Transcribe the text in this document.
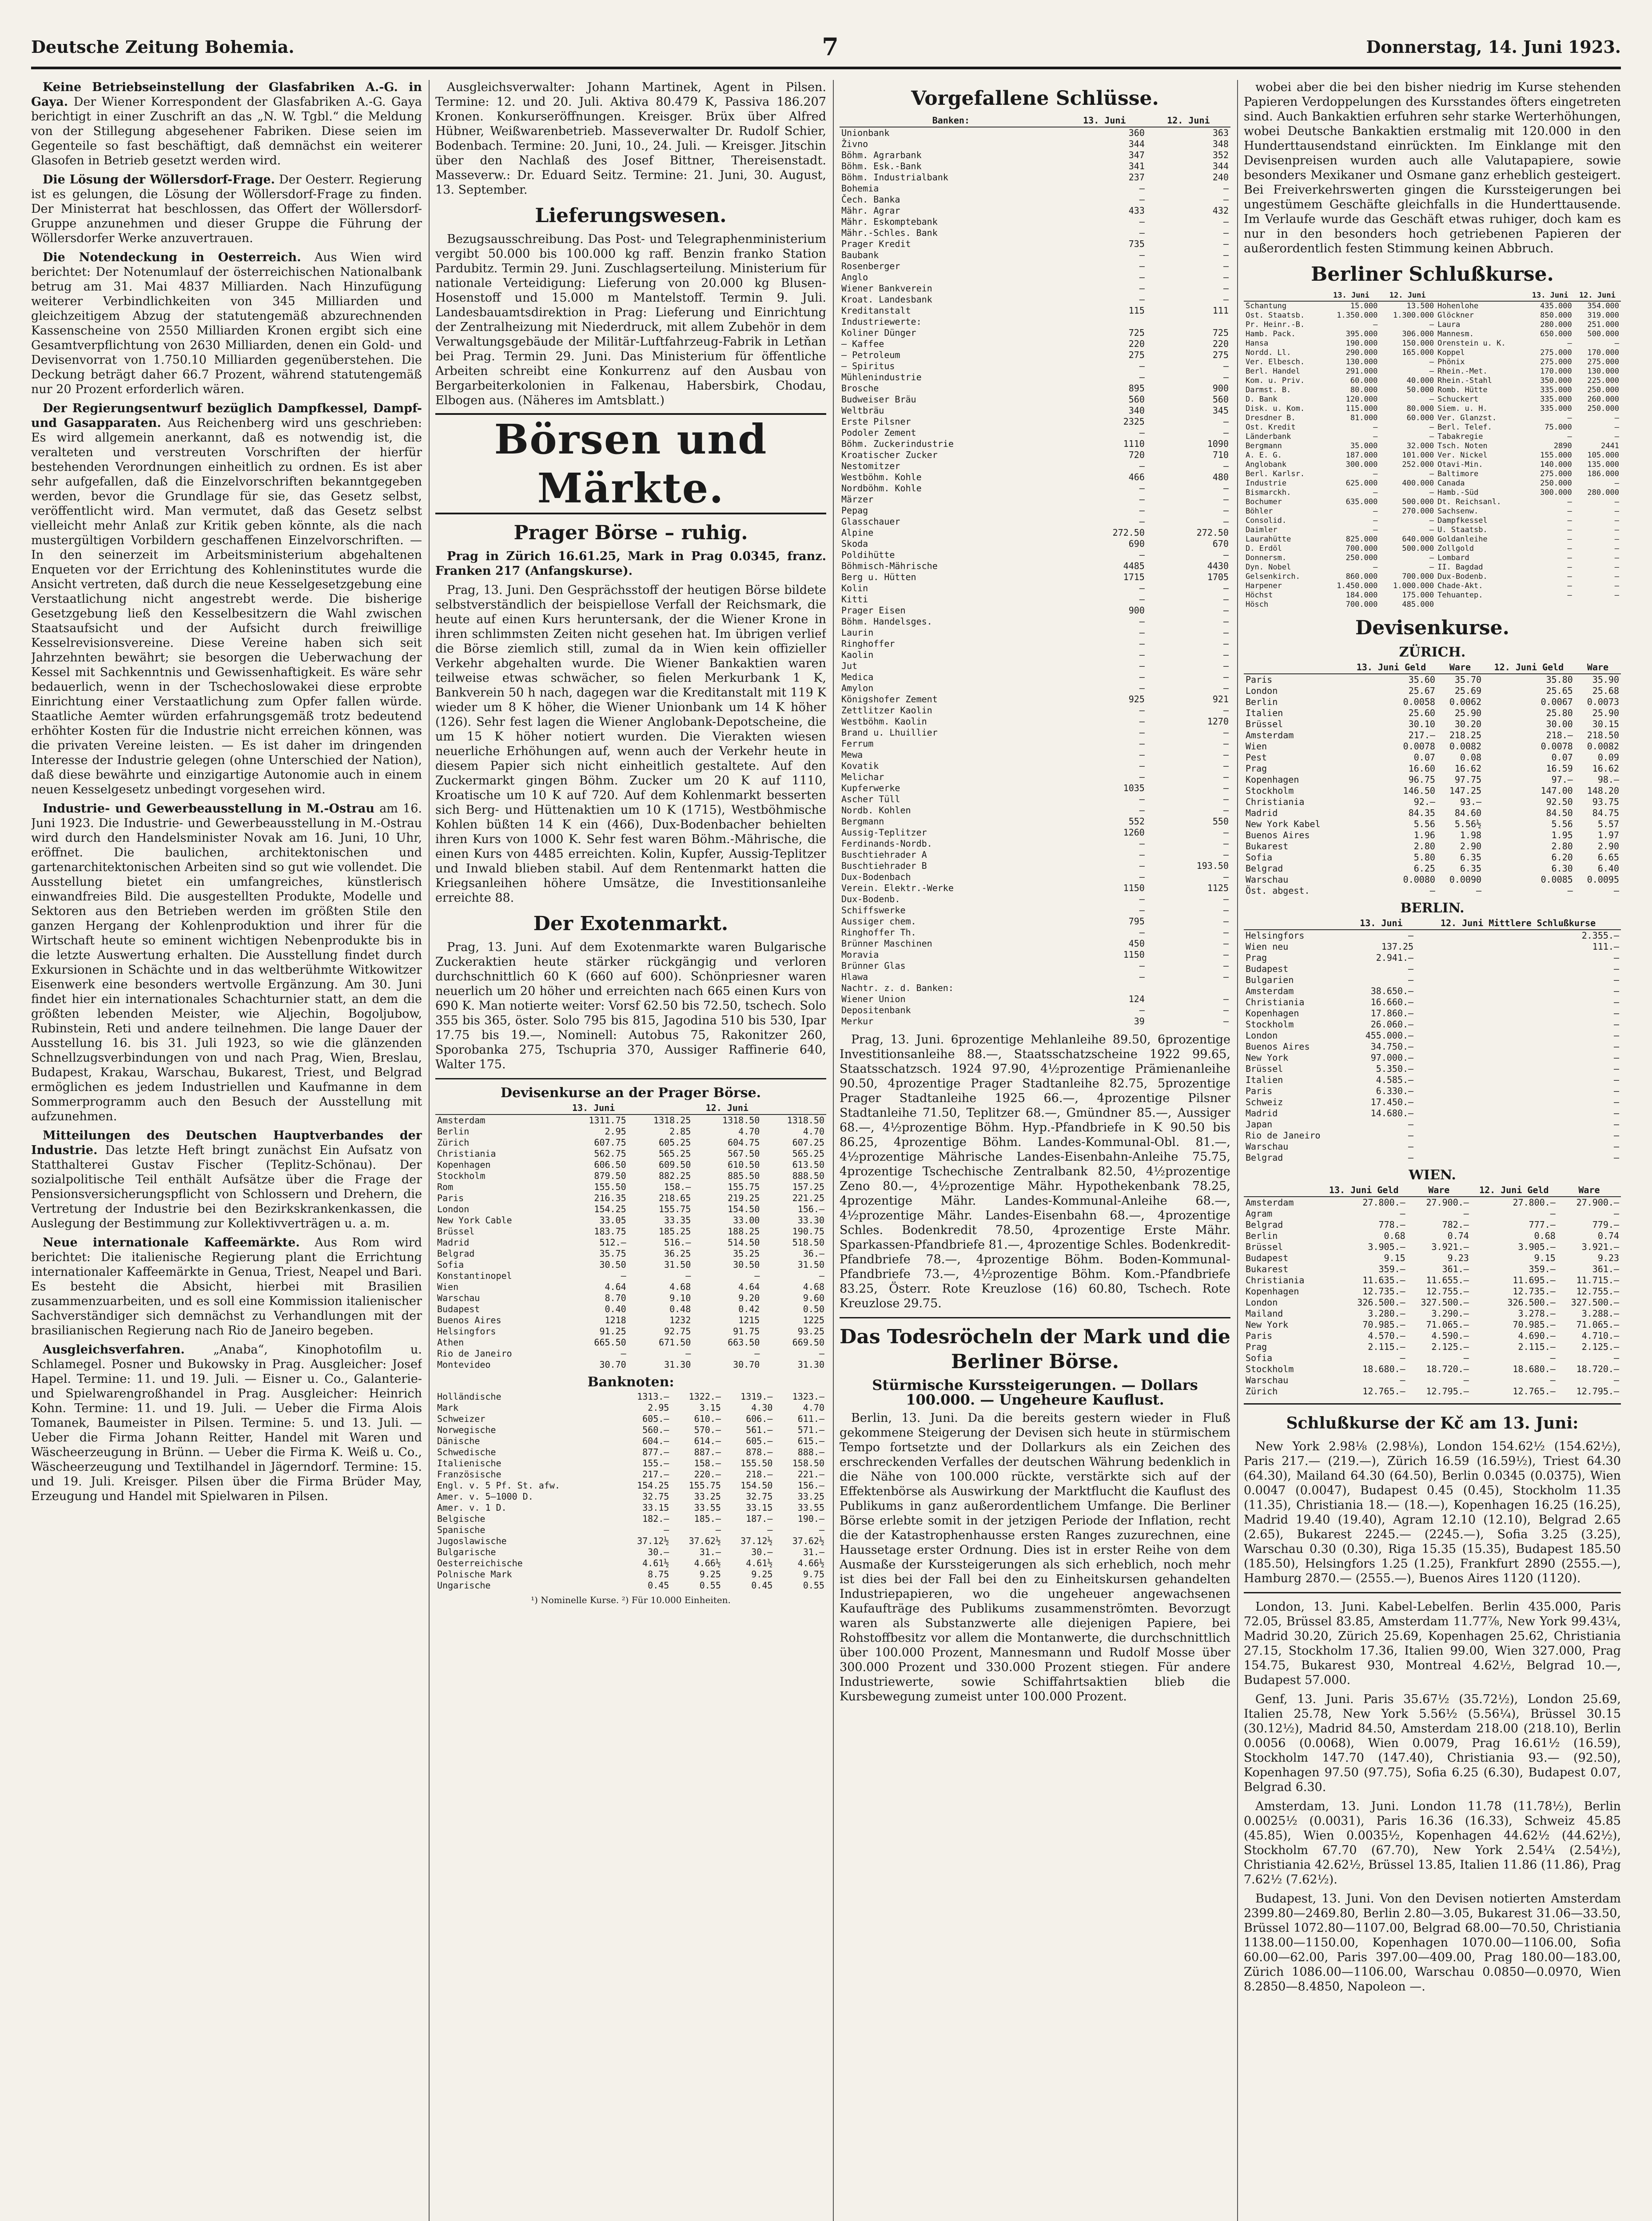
Deutsche Zeitung Bohemia.	7	Donnerstag, 14. Juni 1923.

Keine Betriebseinstellung der Glasfabriken A.-G. in Gaya. Der Wiener Korrespondent der Glasfabriken A.-G. Gaya berichtigt in einer Zuschrift an das „N. W. Tgbl.“ die Meldung von der Stillegung abgesehener Fabriken. Diese seien im Gegenteile so fast beschäftigt, daß demnächst ein weiterer Glasofen in Betrieb gesetzt werden wird.

Die Lösung der Wöllersdorf-Frage. Der Oesterr. Regierung ist es gelungen, die Lösung der Wöllersdorf-Frage zu finden. Der Ministerrat hat beschlossen, das Offert der Wöllersdorf-Gruppe anzunehmen und dieser Gruppe die Führung der Wöllersdorfer Werke anzuvertrauen.

Die Notendeckung in Oesterreich. Aus Wien wird berichtet: Der Notenumlauf der österreichischen Nationalbank betrug am 31. Mai 4837 Milliarden. Nach Hinzufügung weiterer Verbindlichkeiten von 345 Milliarden und gleichzeitigem Abzug der statutengemäß abzurechnenden Kassenscheine von 2550 Milliarden Kronen ergibt sich eine Gesamtverpflichtung von 2630 Milliarden, denen ein Gold- und Devisenvorrat von 1.750.10 Milliarden gegenüberstehen. Die Deckung beträgt daher 66.7 Prozent, während statutengemäß nur 20 Prozent erforderlich wären.

Der Regierungsentwurf bezüglich Dampfkessel, Dampf- und Gasapparaten. Aus Reichenberg wird uns geschrieben: Es wird allgemein anerkannt, daß es notwendig ist, die veralteten und verstreuten Vorschriften der hierfür bestehenden Verordnungen einheitlich zu ordnen. Es ist aber sehr aufgefallen, daß die Einzelvorschriften bekanntgegeben werden, bevor die Grundlage für sie, das Gesetz selbst, veröffentlicht wird. Man vermutet, daß das Gesetz selbst vielleicht mehr Anlaß zur Kritik geben könnte, als die nach mustergültigen Vorbildern geschaffenen Einzelvorschriften. — In den seinerzeit im Arbeitsministerium abgehaltenen Enqueten vor der Errichtung des Kohleninstitutes wurde die Ansicht vertreten, daß durch die neue Kesselgesetzgebung eine Verstaatlichung nicht angestrebt werde. Die bisherige Gesetzgebung ließ den Kesselbesitzern die Wahl zwischen Staatsaufsicht und der Aufsicht durch freiwillige Kesselrevisionsvereine. Diese Vereine haben sich seit Jahrzehnten bewährt; sie besorgen die Ueberwachung der Kessel mit Sachkenntnis und Gewissenhaftigkeit. Es wäre sehr bedauerlich, wenn in der Tschechoslowakei diese erprobte Einrichtung einer Verstaatlichung zum Opfer fallen würde. Staatliche Aemter würden erfahrungsgemäß trotz bedeutend erhöhter Kosten für die Industrie nicht erreichen können, was die privaten Vereine leisten. — Es ist daher im dringenden Interesse der Industrie gelegen (ohne Unterschied der Nation), daß diese bewährte und einzigartige Autonomie auch in einem neuen Kesselgesetz unbedingt vorgesehen wird.

Industrie- und Gewerbeausstellung in M.-Ostrau am 16. Juni 1923. Die Industrie- und Gewerbeausstellung in M.-Ostrau wird durch den Handelsminister Novak am 16. Juni, 10 Uhr, eröffnet. Die baulichen, architektonischen und gartenarchitektonischen Arbeiten sind so gut wie vollendet. Die Ausstellung bietet ein umfangreiches, künstlerisch einwandfreies Bild. Die ausgestellten Produkte, Modelle und Sektoren aus den Betrieben werden im größten Stile den ganzen Hergang der Kohlenproduktion und ihrer für die Wirtschaft heute so eminent wichtigen Nebenprodukte bis in die letzte Auswertung erhalten. Die Ausstellung findet durch Exkursionen in Schächte und in das weltberühmte Witkowitzer Eisenwerk eine besonders wertvolle Ergänzung. Am 30. Juni findet hier ein internationales Schachturnier statt, an dem die größten lebenden Meister, wie Aljechin, Bogoljubow, Rubinstein, Reti und andere teilnehmen. Die lange Dauer der Ausstellung 16. bis 31. Juli 1923, so wie die glänzenden Schnellzugsverbindungen von und nach Prag, Wien, Breslau, Budapest, Krakau, Warschau, Bukarest, Triest, und Belgrad ermöglichen es jedem Industriellen und Kaufmanne in dem Sommerprogramm auch den Besuch der Ausstellung mit aufzunehmen.

Mitteilungen des Deutschen Hauptverbandes der Industrie. Das letzte Heft bringt zunächst Ein Aufsatz von Statthalterei Gustav Fischer (Teplitz-Schönau). Der sozialpolitische Teil enthält Aufsätze über die Frage der Pensionsversicherungspflicht von Schlossern und Drehern, die Vertretung der Industrie bei den Bezirkskrankenkassen, die Auslegung der Bestimmung zur Kollektivverträgen u. a. m.

Neue internationale Kaffeemärkte. Aus Rom wird berichtet: Die italienische Regierung plant die Errichtung internationaler Kaffeemärkte in Genua, Triest, Neapel und Bari. Es besteht die Absicht, hierbei mit Brasilien zusammenzuarbeiten, und es soll eine Kommission italienischer Sachverständiger sich demnächst zu Verhandlungen mit der brasilianischen Regierung nach Rio de Janeiro begeben.

Ausgleichsverfahren. „Anaba“, Kinophotofilm u. Schlamegel. Posner und Bukowsky in Prag. Ausgleicher: Josef Hapel. Termine: 11. und 19. Juli. — Eisner u. Co., Galanterie- und Spielwarengroßhandel in Prag. Ausgleicher: Heinrich Kohn. Termine: 11. und 19. Juli. — Ueber die Firma Alois Tomanek, Baumeister in Pilsen. Termine: 5. und 13. Juli. — Ueber die Firma Johann Reitter, Handel mit Waren und Wäscheerzeugung in Brünn. — Ueber die Firma K. Weiß u. Co., Wäscheerzeugung und Textilhandel in Jägerndorf. Termine: 15. und 19. Juli. Kreisger. Pilsen über die Firma Brüder May, Erzeugung und Handel mit Spielwaren in Pilsen.

Ausgleichsverwalter: Johann Martinek, Agent in Pilsen. Termine: 12. und 20. Juli. Aktiva 80.479 K, Passiva 186.207 Kronen. Konkurseröffnungen. Kreisger. Brüx über Alfred Hübner, Weißwarenbetrieb. Masseverwalter Dr. Rudolf Schier, Bodenbach. Termine: 20. Juni, 10., 24. Juli. — Kreisger. Jitschin über den Nachlaß des Josef Bittner, Thereisenstadt. Masseverw.: Dr. Eduard Seitz. Termine: 21. Juni, 30. August, 13. September.

Lieferungswesen.

Bezugsausschreibung. Das Post- und Telegraphenministerium vergibt 50.000 bis 100.000 kg raff. Benzin franko Station Pardubitz. Termin 29. Juni. Zuschlagserteilung. Ministerium für nationale Verteidigung: Lieferung von 20.000 kg Blusen-Hosenstoff und 15.000 m Mantelstoff. Termin 9. Juli. Landesbauamtsdirektion in Prag: Lieferung und Einrichtung der Zentralheizung mit Niederdruck, mit allem Zubehör in dem Verwaltungsgebäude der Militär-Luftfahrzeug-Fabrik in Letňan bei Prag. Termin 29. Juni. Das Ministerium für öffentliche Arbeiten schreibt eine Konkurrenz auf den Ausbau von Bergarbeiterkolonien in Falkenau, Habersbirk, Chodau, Elbogen aus. (Näheres im Amtsblatt.)

Börsen und Märkte.
Prager Börse – ruhig.

Prag in Zürich 16.61.25, Mark in Prag 0.0345, franz. Franken 217 (Anfangskurse).

Prag, 13. Juni. Den Gesprächsstoff der heutigen Börse bildete selbstverständlich der beispiellose Verfall der Reichsmark, die heute auf einen Kurs heruntersank, der die Wiener Krone in ihren schlimmsten Zeiten nicht gesehen hat. Im übrigen verlief die Börse ziemlich still, zumal da in Wien kein offizieller Verkehr abgehalten wurde. Die Wiener Bankaktien waren teilweise etwas schwächer, so fielen Merkurbank 1 K, Bankverein 50 h nach, dagegen war die Kreditanstalt mit 119 K wieder um 8 K höher, die Wiener Unionbank um 14 K höher (126). Sehr fest lagen die Wiener Anglobank-Depotscheine, die um 15 K höher notiert wurden. Die Vierakten wiesen neuerliche Erhöhungen auf, wenn auch der Verkehr heute in diesem Papier sich nicht einheitlich gestaltete. Auf den Zuckermarkt gingen Böhm. Zucker um 20 K auf 1110, Kroatische um 10 K auf 720. Auf dem Kohlenmarkt besserten sich Berg- und Hüttenaktien um 10 K (1715), Westböhmische Kohlen büßten 14 K ein (466), Dux-Bodenbacher behielten ihren Kurs von 1000 K. Sehr fest waren Böhm.-Mährische, die einen Kurs von 4485 erreichten. Kolin, Kupfer, Aussig-Teplitzer und Inwald blieben stabil. Auf dem Rentenmarkt hatten die Kriegsanleihen höhere Umsätze, die Investitionsanleihe erreichte 88.

Der Exotenmarkt.

Prag, 13. Juni. Auf dem Exotenmarkte waren Bulgarische Zuckeraktien heute stärker rückgängig und verloren durchschnittlich 60 K (660 auf 600). Schönpriesner waren neuerlich um 20 höher und erreichten nach 665 einen Kurs von 690 K. Man notierte weiter: Vorsf 62.50 bis 72.50, tschech. Solo 355 bis 365, öster. Solo 795 bis 815, Jagodina 510 bis 530, Ipar 17.75 bis 19.—, Nominell: Autobus 75, Rakonitzer 260, Sporobanka 275, Tschupria 370, Aussiger Raffinerie 640, Walter 175.

Devisenkurse an der Prager Börse.
	13. Juni		12. Juni	
Amsterdam	1311.75	1318.25	1318.50	1318.50
Berlin	2.95	2.85	4.70	4.70
Zürich	607.75	605.25	604.75	607.25
Christiania	562.75	565.25	567.50	565.25
Kopenhagen	606.50	609.50	610.50	613.50
Stockholm	879.50	882.25	885.50	888.50
Rom	155.50	158.—	155.75	157.25
Paris	216.35	218.65	219.25	221.25
London	154.25	155.75	154.50	156.—
New York Cable	33.05	33.35	33.00	33.30
Brüssel	183.75	185.25	188.25	190.75
Madrid	512.—	516.—	514.50	518.50
Belgrad	35.75	36.25	35.25	36.—
Sofia	30.50	31.50	30.50	31.50
Konstantinopel	—	—	—	—
Wien	4.64	4.68	4.64	4.68
Warschau	8.70	9.10	9.20	9.60
Budapest	0.40	0.48	0.42	0.50
Buenos Aires	1218	1232	1215	1225
Helsingfors	91.25	92.75	91.75	93.25
Athen	665.50	671.50	663.50	669.50
Rio de Janeiro	—	—	—	—
Montevideo	30.70	31.30	30.70	31.30
Banknoten:
Holländische	1313.—	1322.—	1319.—	1323.—
Mark	2.95	3.15	4.30	4.70
Schweizer	605.—	610.—	606.—	611.—
Norwegische	560.—	570.—	561.—	571.—
Dänische	604.—	614.—	605.—	615.—
Schwedische	877.—	887.—	878.—	888.—
Italienische	155.—	158.—	155.50	158.50
Französische	217.—	220.—	218.—	221.—
Engl. v. 5 Pf. St. afw.	154.25	155.75	154.50	156.—
Amer. v. 5—1000 D.	32.75	33.25	32.75	33.25
Amer. v. 1 D.	33.15	33.55	33.15	33.55
Belgische	182.—	185.—	187.—	190.—
Spanische	—	—	—	—
Jugoslawische	37.12½	37.62½	37.12½	37.62½
Bulgarische	30.—	31.—	30.—	31.—
Oesterreichische	4.61½	4.66½	4.61½	4.66½
Polnische Mark	8.75	9.25	9.25	9.75
Ungarische	0.45	0.55	0.45	0.55
¹) Nominelle Kurse. ²) Für 10.000 Einheiten.
Vorgefallene Schlüsse.
Banken:	13. Juni	12. Juni
Unionbank	360	363
Živno	344	348
Böhm. Agrarbank	347	352
Böhm. Esk.-Bank	341	344
Böhm. Industrialbank	237	240
Bohemia	—	—
Čech. Banka	—	—
Mähr. Agrar	433	432
Mähr. Eskomptebank	—	—
Mähr.-Schles. Bank	—	—
Prager Kredit	735	—
Baubank	—	—
Rosenberger	—	—
Anglo	—	—
Wiener Bankverein	—	—
Kroat. Landesbank	—	—
Kreditanstalt	115	111
Industriewerte:		
Koliner Dünger	725	725
— Kaffee	220	220
— Petroleum	275	275
— Spiritus	—	—
Mühlenindustrie	—	—
Brosche	895	900
Budweiser Bräu	560	560
Weltbräu	340	345
Erste Pilsner	2325	—
Podoler Zement	—	—
Böhm. Zuckerindustrie	1110	1090
Kroatischer Zucker	720	710
Nestomitzer	—	—
Westböhm. Kohle	466	480
Nordböhm. Kohle	—	—
Märzer	—	—
Pepag	—	—
Glasschauer	—	—
Alpine	272.50	272.50
Skoda	690	670
Poldihütte	—	—
Böhmisch-Mährische	4485	4430
Berg u. Hütten	1715	1705
Kolin	—	—
Kitti	—	—
Prager Eisen	900	—
Böhm. Handelsges.	—	—
Laurin	—	—
Ringhoffer	—	—
Kaolin	—	—
Jut	—	—
Medica	—	—
Amylon	—	—
Königshofer Zement	925	921
Zettlitzer Kaolin	—	—
Westböhm. Kaolin	—	1270
Brand u. Lhuillier	—	—
Ferrum	—	—
Mewa	—	—
Kovatik	—	—
Melichar	—	—
Kupferwerke	1035	—
Ascher Tüll	—	—
Nordb. Kohlen	—	—
Bergmann	552	550
Aussig-Teplitzer	1260	—
Ferdinands-Nordb.	—	—
Buschtiehrader A	—	—
Buschtiehrader B	—	193.50
Dux-Bodenbach	—	—
Verein. Elektr.-Werke	1150	1125
Dux-Bodenb.	—	—
Schiffswerke	—	—
Aussiger chem.	795	—
Ringhoffer Th.	—	—
Brünner Maschinen	450	—
Moravia	1150	—
Brünner Glas	—	—
Hlawa	—	—
Nachtr. z. d. Banken:		
Wiener Union	124	—
Depositenbank	—	—
Merkur	39	—

Prag, 13. Juni. 6prozentige Mehlanleihe 89.50, 6prozentige Investitionsanleihe 88.—, Staatsschatzscheine 1922 99.65, Staatsschatzsch. 1924 97.90, 4½prozentige Prämienanleihe 90.50, 4prozentige Prager Stadtanleihe 82.75, 5prozentige Prager Stadtanleihe 1925 66.—, 4prozentige Pilsner Stadtanleihe 71.50, Teplitzer 68.—, Gmündner 85.—, Aussiger 68.—, 4½prozentige Böhm. Hyp.-Pfandbriefe in K 90.50 bis 86.25, 4prozentige Böhm. Landes-Kommunal-Obl. 81.—, 4½prozentige Mährische Landes-Eisenbahn-Anleihe 75.75, 4prozentige Tschechische Zentralbank 82.50, 4½prozentige Zeno 80.—, 4½prozentige Mähr. Hypothekenbank 78.25, 4prozentige Mähr. Landes-Kommunal-Anleihe 68.—, 4½prozentige Mähr. Landes-Eisenbahn 68.—, 4prozentige Schles. Bodenkredit 78.50, 4prozentige Erste Mähr. Sparkassen-Pfandbriefe 81.—, 4prozentige Schles. Bodenkredit-Pfandbriefe 78.—, 4prozentige Böhm. Boden-Kommunal-Pfandbriefe 73.—, 4½prozentige Böhm. Kom.-Pfandbriefe 83.25, Österr. Rote Kreuzlose (16) 60.80, Tschech. Rote Kreuzlose 29.75.

Das Todesröcheln der Mark und die Berliner Börse.
Stürmische Kurssteigerungen. — Dollars 100.000. — Ungeheure Kauflust.

Berlin, 13. Juni. Da die bereits gestern wieder in Fluß gekommene Steigerung der Devisen sich heute in stürmischem Tempo fortsetzte und der Dollarkurs als ein Zeichen des erschreckenden Verfalles der deutschen Währung bedenklich in die Nähe von 100.000 rückte, verstärkte sich auf der Effektenbörse als Auswirkung der Marktflucht die Kauflust des Publikums in ganz außerordentlichem Umfange. Die Berliner Börse erlebte somit in der jetzigen Periode der Inflation, recht die der Katastrophenhausse ersten Ranges zuzurechnen, eine Haussetage erster Ordnung. Dies ist in erster Reihe von dem Ausmaße der Kurssteigerungen als sich erheblich, noch mehr ist dies bei der Fall bei den zu Einheitskursen gehandelten Industriepapieren, wo die ungeheuer angewachsenen Kaufaufträge des Publikums zusammenströmten. Bevorzugt waren als Substanzwerte alle diejenigen Papiere, bei Rohstoffbesitz vor allem die Montanwerte, die durchschnittlich über 100.000 Prozent, Mannesmann und Rudolf Mosse über 300.000 Prozent und 330.000 Prozent stiegen. Für andere Industriewerte, sowie Schiffahrtsaktien blieb die Kursbewegung zumeist unter 100.000 Prozent.

wobei aber die bei den bisher niedrig im Kurse stehenden Papieren Verdoppelungen des Kursstandes öfters eingetreten sind. Auch Bankaktien erfuhren sehr starke Werterhöhungen, wobei Deutsche Bankaktien erstmalig mit 120.000 in den Hunderttausendstand einrückten. Im Einklange mit den Devisenpreisen wurden auch alle Valutapapiere, sowie besonders Mexikaner und Osmane ganz erheblich gesteigert. Bei Freiverkehrswerten gingen die Kurssteigerungen bei ungestümem Geschäfte gleichfalls in die Hunderttausende. Im Verlaufe wurde das Geschäft etwas ruhiger, doch kam es nur in den besonders hoch getriebenen Papieren der außerordentlich festen Stimmung keinen Abbruch.

Berliner Schlußkurse.
	13. Juni	12. Juni		13. Juni	12. Juni
Schantung	15.000	13.500	Hohenlohe	435.000	354.000
Ost. Staatsb.	1.350.000	1.300.000	Glöckner	850.000	319.000
Pr. Heinr.-B.	—	—	Laura	280.000	251.000
Hamb. Pack.	395.000	306.000	Mannesm.	650.000	500.000
Hansa	190.000	150.000	Orenstein u. K.	—	—
Nordd. Ll.	290.000	165.000	Koppel	275.000	170.000
Ver. Elbesch.	130.000	—	Phönix	275.000	275.000
Berl. Handel	291.000	—	Rhein.-Met.	170.000	130.000
Kom. u. Priv.	60.000	40.000	Rhein.-Stahl	350.000	225.000
Darmst. B.	80.000	50.000	Romb. Hütte	335.000	250.000
D. Bank	120.000	—	Schuckert	335.000	260.000
Disk. u. Kom.	115.000	80.000	Siem. u. H.	335.000	250.000
Dresdner B.	81.000	60.000	Ver. Glanzst.	—	—
Ost. Kredit	—	—	Berl. Telef.	75.000	—
Länderbank	—	—	Tabakregie	—	—
Bergmann	35.000	32.000	Tsch. Noten	2890	2441
A. E. G.	187.000	101.000	Ver. Nickel	155.000	105.000
Anglobank	300.000	252.000	Otavi-Min.	140.000	135.000
Berl. Karlsr.	—	—	Baltimore	275.000	186.000
Industrie	625.000	400.000	Canada	250.000	—
Bismarckh.	—	—	Hamb.-Süd	300.000	280.000
Bochumer	635.000	500.000	Dt. Reichsanl.	—	—
Böhler	—	270.000	Sachsenw.	—	—
Consolid.	—	—	Dampfkessel	—	—
Daimler	—	—	U. Staatsb.	—	—
Laurahütte	825.000	640.000	Goldanleihe	—	—
D. Erdöl	700.000	500.000	Zollgold	—	—
Donnersm.	250.000	—	Lombard	—	—
Dyn. Nobel	—	—	II. Bagdad	—	—
Gelsenkirch.	860.000	700.000	Dux-Bodenb.	—	—
Harpener	1.450.000	1.000.000	Chade-Akt.	—	—
Höchst	184.000	175.000	Tehuantep.	—	—
Hösch	700.000	485.000			
Devisenkurse.
ZÜRICH.
	13. Juni Geld	Ware	12. Juni Geld	Ware
Paris	35.60	35.70	35.80	35.90
London	25.67	25.69	25.65	25.68
Berlin	0.0058	0.0062	0.0067	0.0073
Italien	25.60	25.90	25.80	25.90
Brüssel	30.10	30.20	30.00	30.15
Amsterdam	217.—	218.25	218.—	218.50
Wien	0.0078	0.0082	0.0078	0.0082
Pest	0.07	0.08	0.07	0.09
Prag	16.60	16.62	16.59	16.62
Kopenhagen	96.75	97.75	97.—	98.—
Stockholm	146.50	147.25	147.00	148.20
Christiania	92.—	93.—	92.50	93.75
Madrid	84.35	84.60	84.50	84.75
New York Kabel	5.56	5.56½	5.56	5.57
Buenos Aires	1.96	1.98	1.95	1.97
Bukarest	2.80	2.90	2.80	2.90
Sofia	5.80	6.35	6.20	6.65
Belgrad	6.25	6.35	6.30	6.40
Warschau	0.0080	0.0090	0.0085	0.0095
Öst. abgest.	—	—	—	—
BERLIN.
	13. Juni	12. Juni Mittlere Schlußkurse
Helsingfors	—	2.355.—
Wien neu	137.25	111.—
Prag	2.941.—	—
Budapest	—	—
Bulgarien	—	—
Amsterdam	38.650.—	—
Christiania	16.660.—	—
Kopenhagen	17.860.—	—
Stockholm	26.060.—	—
London	455.000.—	—
Buenos Aires	34.750.—	—
New York	97.000.—	—
Brüssel	5.350.—	—
Italien	4.585.—	—
Paris	6.330.—	—
Schweiz	17.450.—	—
Madrid	14.680.—	—
Japan	—	—
Rio de Janeiro	—	—
Warschau	—	—
Belgrad	—	—
WIEN.
	13. Juni Geld	Ware	12. Juni Geld	Ware
Amsterdam	27.800.—	27.900.—	27.800.—	27.900.—
Agram	—	—	—	—
Belgrad	778.—	782.—	777.—	779.—
Berlin	0.68	0.74	0.68	0.74
Brüssel	3.905.—	3.921.—	3.905.—	3.921.—
Budapest	9.15	9.23	9.15	9.23
Bukarest	359.—	361.—	359.—	361.—
Christiania	11.635.—	11.655.—	11.695.—	11.715.—
Kopenhagen	12.735.—	12.755.—	12.735.—	12.755.—
London	326.500.—	327.500.—	326.500.—	327.500.—
Mailand	3.280.—	3.290.—	3.278.—	3.288.—
New York	70.985.—	71.065.—	70.985.—	71.065.—
Paris	4.570.—	4.590.—	4.690.—	4.710.—
Prag	2.115.—	2.125.—	2.115.—	2.125.—
Sofia	—	—	—	—
Stockholm	18.680.—	18.720.—	18.680.—	18.720.—
Warschau	—	—	—	—
Zürich	12.765.—	12.795.—	12.765.—	12.795.—
Schlußkurse der Kč am 13. Juni:

New York 2.98⅛ (2.98⅛), London 154.62½ (154.62½), Paris 217.— (219.—), Zürich 16.59 (16.59½), Triest 64.30 (64.30), Mailand 64.30 (64.50), Berlin 0.0345 (0.0375), Wien 0.0047 (0.0047), Budapest 0.45 (0.45), Stockholm 11.35 (11.35), Christiania 18.— (18.—), Kopenhagen 16.25 (16.25), Madrid 19.40 (19.40), Agram 12.10 (12.10), Belgrad 2.65 (2.65), Bukarest 2245.— (2245.—), Sofia 3.25 (3.25), Warschau 0.30 (0.30), Riga 15.35 (15.35), Budapest 185.50 (185.50), Helsingfors 1.25 (1.25), Frankfurt 2890 (2555.—), Hamburg 2870.— (2555.—), Buenos Aires 1120 (1120).

London, 13. Juni. Kabel-Lebelfen. Berlin 435.000, Paris 72.05, Brüssel 83.85, Amsterdam 11.77⅞, New York 99.43¼, Madrid 30.20, Zürich 25.69, Kopenhagen 25.62, Christiania 27.15, Stockholm 17.36, Italien 99.00, Wien 327.000, Prag 154.75, Bukarest 930, Montreal 4.62½, Belgrad 10.—, Budapest 57.000.

Genf, 13. Juni. Paris 35.67½ (35.72½), London 25.69, Italien 25.78, New York 5.56½ (5.56¼), Brüssel 30.15 (30.12½), Madrid 84.50, Amsterdam 218.00 (218.10), Berlin 0.0056 (0.0068), Wien 0.0079, Prag 16.61½ (16.59), Stockholm 147.70 (147.40), Christiania 93.— (92.50), Kopenhagen 97.50 (97.75), Sofia 6.25 (6.30), Budapest 0.07, Belgrad 6.30.

Amsterdam, 13. Juni. London 11.78 (11.78½), Berlin 0.0025½ (0.0031), Paris 16.36 (16.33), Schweiz 45.85 (45.85), Wien 0.0035½, Kopenhagen 44.62½ (44.62½), Stockholm 67.70 (67.70), New York 2.54¼ (2.54½), Christiania 42.62½, Brüssel 13.85, Italien 11.86 (11.86), Prag 7.62½ (7.62½).

Budapest, 13. Juni. Von den Devisen notierten Amsterdam 2399.80—2469.80, Berlin 2.80—3.05, Bukarest 31.06—33.50, Brüssel 1072.80—1107.00, Belgrad 68.00—70.50, Christiania 1138.00—1150.00, Kopenhagen 1070.00—1106.00, Sofia 60.00—62.00, Paris 397.00—409.00, Prag 180.00—183.00, Zürich 1086.00—1106.00, Warschau 0.0850—0.0970, Wien 8.2850—8.4850, Napoleon —.
